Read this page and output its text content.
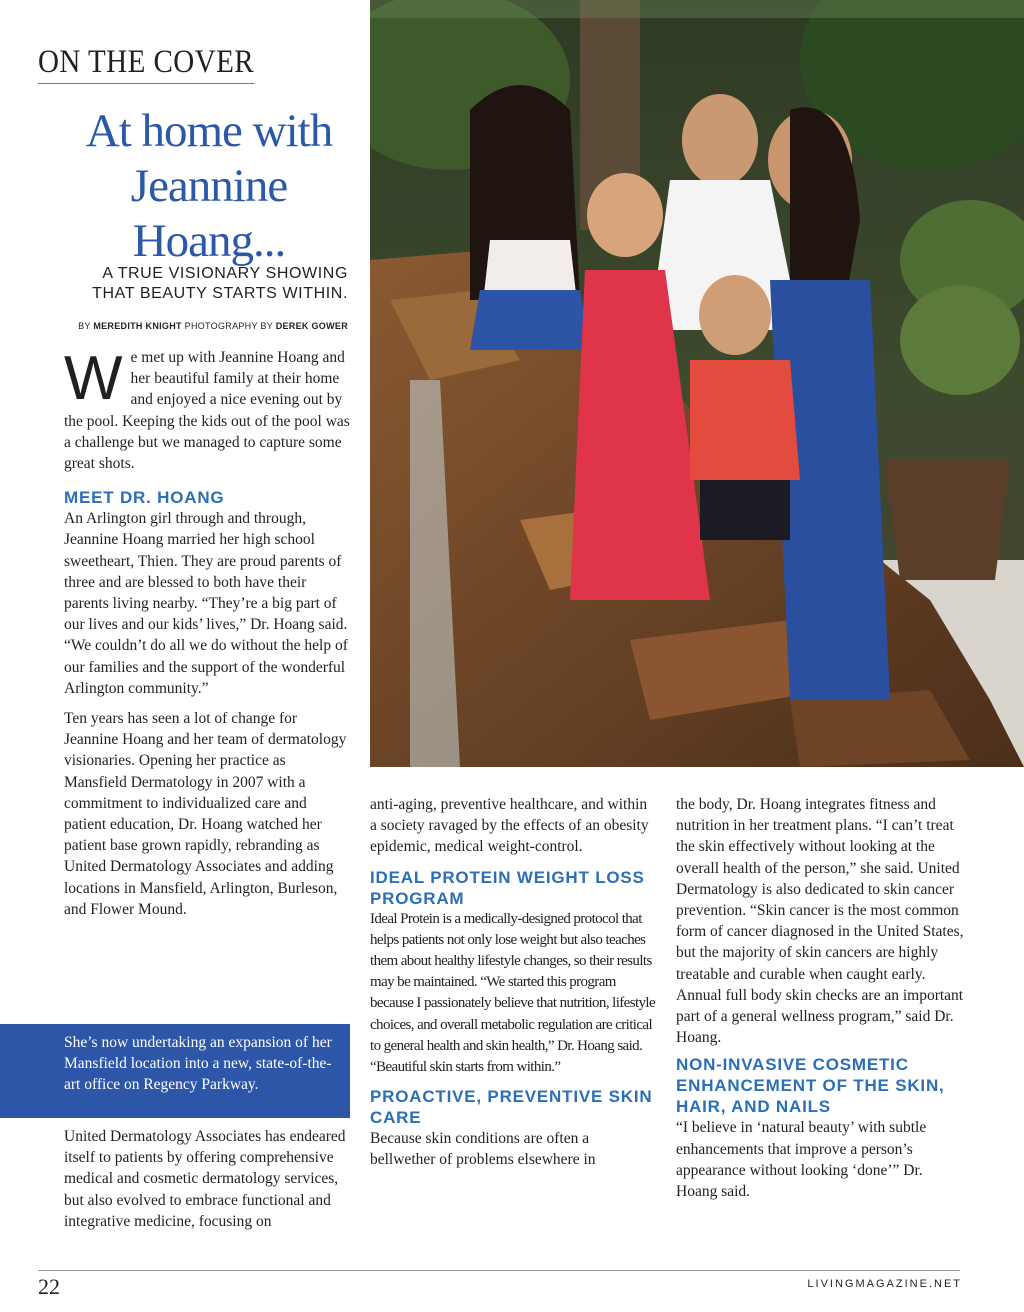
ON THE COVER
At home with Jeannine Hoang...
A TRUE VISIONARY SHOWING THAT BEAUTY STARTS WITHIN.
BY MEREDITH KNIGHT PHOTOGRAPHY BY DEREK GOWER
W e met up with Jeannine Hoang and her beautiful family at their home and enjoyed a nice evening out by the pool. Keeping the kids out of the pool was a challenge but we managed to capture some great shots.

MEET DR. HOANG

An Arlington girl through and through, Jeannine Hoang married her high school sweetheart, Thien. They are proud parents of three and are blessed to both have their parents living nearby. “They’re a big part of our lives and our kids’ lives,” Dr. Hoang said. “We couldn’t do all we do without the help of our families and the support of the wonderful Arlington community.”

Ten years has seen a lot of change for Jeannine Hoang and her team of dermatology visionaries. Opening her practice as Mansfield Dermatology in 2007 with a commitment to individualized care and patient education, Dr. Hoang watched her patient base grown rapidly, rebranding as United Dermatology Associates and adding locations in Mansfield, Arlington, Burleson, and Flower Mound.

She’s now undertaking an expansion of her Mansfield location into a new, state-of-the-art office on Regency Parkway.

United Dermatology Associates has endeared itself to patients by offering comprehensive medical and cosmetic dermatology services, but also evolved to embrace functional and integrative medicine, focusing on

anti-aging, preventive healthcare, and within a society ravaged by the effects of an obesity epidemic, medical weight-control.

IDEAL PROTEIN WEIGHT LOSS PROGRAM

Ideal Protein is a medically-designed protocol that helps patients not only lose weight but also teaches them about healthy lifestyle changes, so their results may be maintained. “We started this program because I passionately believe that nutrition, lifestyle choices, and overall metabolic regulation are critical to general health and skin health,” Dr. Hoang said. “Beautiful skin starts from within.”

PROACTIVE, PREVENTIVE SKIN CARE

Because skin conditions are often a bellwether of problems elsewhere in

the body, Dr. Hoang integrates fitness and nutrition in her treatment plans. “I can’t treat the skin effectively without looking at the overall health of the person,” she said. United Dermatology is also dedicated to skin cancer prevention. “Skin cancer is the most common form of cancer diagnosed in the United States, but the majority of skin cancers are highly treatable and curable when caught early. Annual full body skin checks are an important part of a general wellness program,” said Dr. Hoang.

NON-INVASIVE COSMETIC ENHANCEMENT OF THE SKIN, HAIR, AND NAILS

“I believe in ‘natural beauty’ with subtle enhancements that improve a person’s appearance without looking ‘done’” Dr. Hoang said.

22	LIVINGMAGAZINE.NET
